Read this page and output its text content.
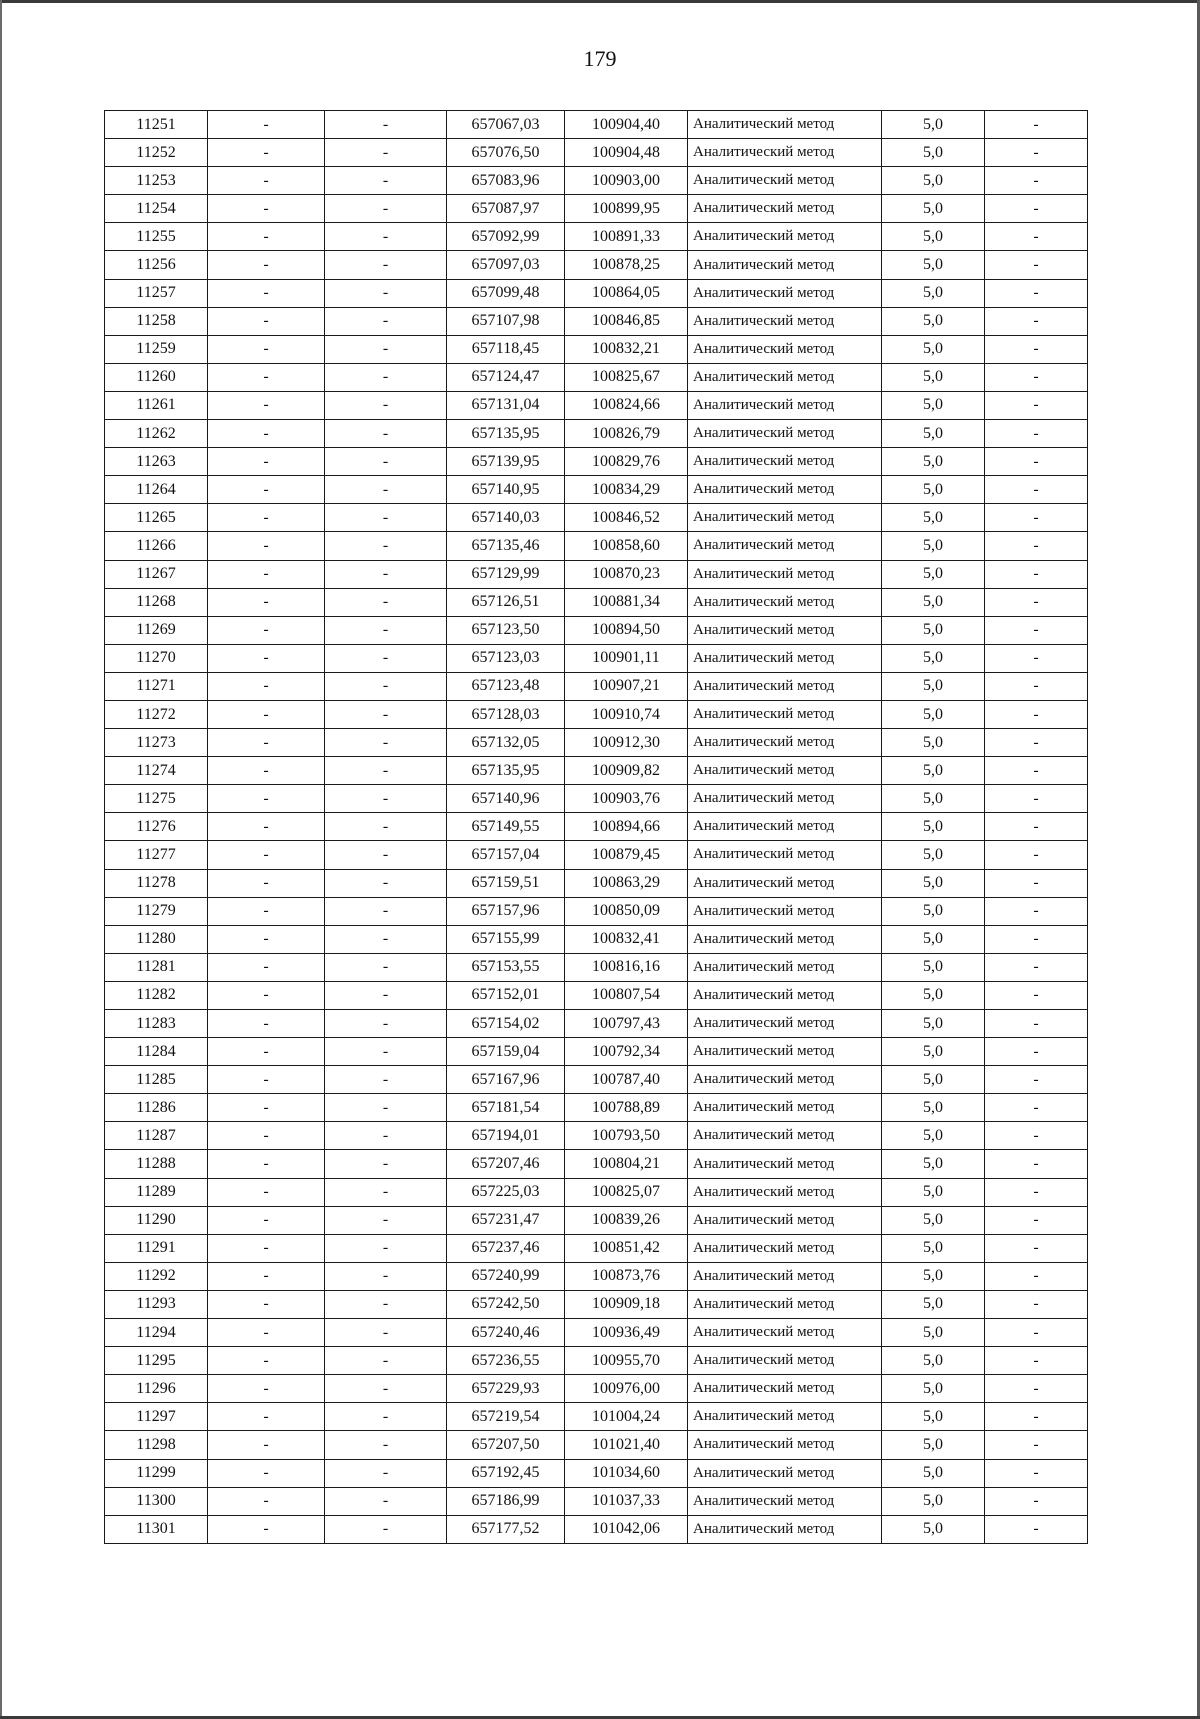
179
11251	-	-	657067,03	100904,40	Аналитический метод	5,0	-
11252	-	-	657076,50	100904,48	Аналитический метод	5,0	-
11253	-	-	657083,96	100903,00	Аналитический метод	5,0	-
11254	-	-	657087,97	100899,95	Аналитический метод	5,0	-
11255	-	-	657092,99	100891,33	Аналитический метод	5,0	-
11256	-	-	657097,03	100878,25	Аналитический метод	5,0	-
11257	-	-	657099,48	100864,05	Аналитический метод	5,0	-
11258	-	-	657107,98	100846,85	Аналитический метод	5,0	-
11259	-	-	657118,45	100832,21	Аналитический метод	5,0	-
11260	-	-	657124,47	100825,67	Аналитический метод	5,0	-
11261	-	-	657131,04	100824,66	Аналитический метод	5,0	-
11262	-	-	657135,95	100826,79	Аналитический метод	5,0	-
11263	-	-	657139,95	100829,76	Аналитический метод	5,0	-
11264	-	-	657140,95	100834,29	Аналитический метод	5,0	-
11265	-	-	657140,03	100846,52	Аналитический метод	5,0	-
11266	-	-	657135,46	100858,60	Аналитический метод	5,0	-
11267	-	-	657129,99	100870,23	Аналитический метод	5,0	-
11268	-	-	657126,51	100881,34	Аналитический метод	5,0	-
11269	-	-	657123,50	100894,50	Аналитический метод	5,0	-
11270	-	-	657123,03	100901,11	Аналитический метод	5,0	-
11271	-	-	657123,48	100907,21	Аналитический метод	5,0	-
11272	-	-	657128,03	100910,74	Аналитический метод	5,0	-
11273	-	-	657132,05	100912,30	Аналитический метод	5,0	-
11274	-	-	657135,95	100909,82	Аналитический метод	5,0	-
11275	-	-	657140,96	100903,76	Аналитический метод	5,0	-
11276	-	-	657149,55	100894,66	Аналитический метод	5,0	-
11277	-	-	657157,04	100879,45	Аналитический метод	5,0	-
11278	-	-	657159,51	100863,29	Аналитический метод	5,0	-
11279	-	-	657157,96	100850,09	Аналитический метод	5,0	-
11280	-	-	657155,99	100832,41	Аналитический метод	5,0	-
11281	-	-	657153,55	100816,16	Аналитический метод	5,0	-
11282	-	-	657152,01	100807,54	Аналитический метод	5,0	-
11283	-	-	657154,02	100797,43	Аналитический метод	5,0	-
11284	-	-	657159,04	100792,34	Аналитический метод	5,0	-
11285	-	-	657167,96	100787,40	Аналитический метод	5,0	-
11286	-	-	657181,54	100788,89	Аналитический метод	5,0	-
11287	-	-	657194,01	100793,50	Аналитический метод	5,0	-
11288	-	-	657207,46	100804,21	Аналитический метод	5,0	-
11289	-	-	657225,03	100825,07	Аналитический метод	5,0	-
11290	-	-	657231,47	100839,26	Аналитический метод	5,0	-
11291	-	-	657237,46	100851,42	Аналитический метод	5,0	-
11292	-	-	657240,99	100873,76	Аналитический метод	5,0	-
11293	-	-	657242,50	100909,18	Аналитический метод	5,0	-
11294	-	-	657240,46	100936,49	Аналитический метод	5,0	-
11295	-	-	657236,55	100955,70	Аналитический метод	5,0	-
11296	-	-	657229,93	100976,00	Аналитический метод	5,0	-
11297	-	-	657219,54	101004,24	Аналитический метод	5,0	-
11298	-	-	657207,50	101021,40	Аналитический метод	5,0	-
11299	-	-	657192,45	101034,60	Аналитический метод	5,0	-
11300	-	-	657186,99	101037,33	Аналитический метод	5,0	-
11301	-	-	657177,52	101042,06	Аналитический метод	5,0	-
